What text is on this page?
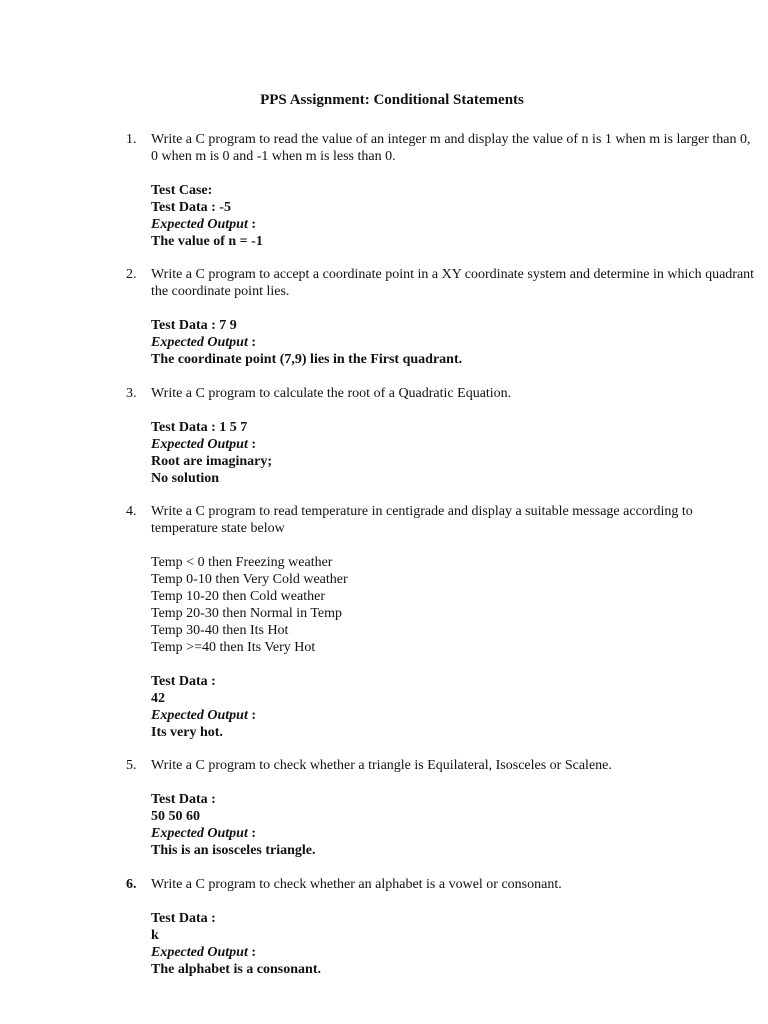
PPS Assignment: Conditional Statements
1.	Write a C program to read the value of an integer m and display the value of n is 1 when m is larger than 0, 0 when m is 0 and -1 when m is less than 0.
Test Case:
Test Data : -5
Expected Output :
The value of n = -1
2.	Write a C program to accept a coordinate point in a XY coordinate system and determine in which quadrant the coordinate point lies.
Test Data : 7 9
Expected Output :
The coordinate point (7,9) lies in the First quadrant.
3.	Write a C program to calculate the root of a Quadratic Equation.
Test Data : 1 5 7
Expected Output :
Root are imaginary;
No solution
4.	Write a C program to read temperature in centigrade and display a suitable message according to temperature state below
Temp < 0 then Freezing weather
Temp 0-10 then Very Cold weather
Temp 10-20 then Cold weather
Temp 20-30 then Normal in Temp
Temp 30-40 then Its Hot
Temp >=40 then Its Very Hot
Test Data :
42
Expected Output :
Its very hot.
5.	Write a C program to check whether a triangle is Equilateral, Isosceles or Scalene.
Test Data :
50 50 60
Expected Output :
This is an isosceles triangle.
6.	Write a C program to check whether an alphabet is a vowel or consonant.
Test Data :
k
Expected Output :
The alphabet is a consonant.
